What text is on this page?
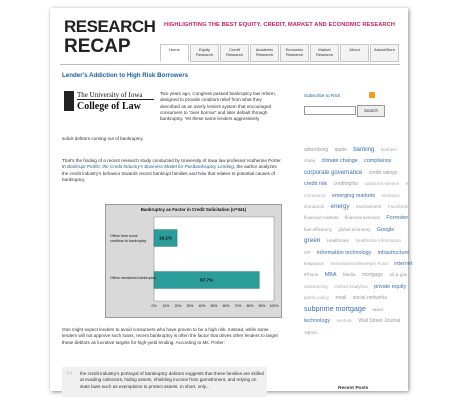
RESEARCH
RECAP
HIGHLIGHTING THE BEST EQUITY, CREDIT, MARKET AND ECONOMIC RESEARCH
Home	Equity Research
Credit Research
Academic Research
Economic Research
Market Research
About	AlacraStore
Lender's Addiction to High Risk Borrowers
The University of Iowa
College of Law
Two years ago, Congress passed bankruptcy law reform, designed to provide creditors relief from what they described as an overly lenient system that encouraged consumers to "over borrow" and later default through bankruptcy. Yet these same lenders aggressively
solicit debtors coming out of bankruptcy.
That's the finding of a recent research study conducted by University of Iowa law professor Katherine Porter. In Bankrupt Profits: the Credit Industry's Business Model for Postbankruptcy Lending, the author analyzes the credit industry's behavior towards recent bankrupt families and how that relates to potential causes of bankruptcy.
Bankruptcy as Factor in Credit Solicitation (n=341)
19.2%
Offers from some
creditors to bankruptcy
87.7%
Offers mentioned bankruptcy
0% 10% 20% 30% 40% 50% 60% 70% 80% 90% 100%
One might expect lenders to avoid consumers who have proven to be a high risk. Instead, while some lenders will not approve such loans, recent bankruptcy is often the factor that drives other lenders to target these debtors as lucrative targets for high-yield lending. According to Ms. Porter:
“ the credit industry's portrayal of bankruptcy debtors suggests that these families are skilled at evading collectors, hiding assets, shielding income from garnishment, and relying on state laws such as exemptions to protect assets. In short, only...
Subscribe to RSS
Search
advertising apple banking biofuels china climate change compliance corporate governance credit ratings credit risk creditrights customer service e-commerce emerging markets emission standards energy environment Facebook financial markets financial services Forrester fuel efficiency global economy Google green Healthcare healthcare information HR information technology infrastructure insurance International Monetary Fund internet iPhone MBA Media mortgage oil & gas outsourcing Oxford Analytica private equity public policy retail social networks subprime mortgage taxes technology venture Wall Street Journal Yahoo
Recent Posts
